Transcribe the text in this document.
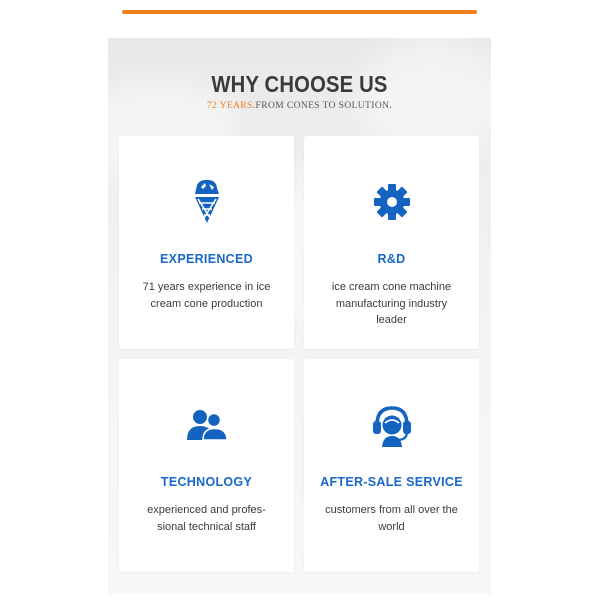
WHY CHOOSE US
72 YEARS.FROM CONES TO SOLUTION.
EXPERIENCED
71 years experience in ice cream cone production
R&D
ice cream cone machine manufacturing industry leader
TECHNOLOGY
experienced and profes-sional technical staff
AFTER-SALE SERVICE
customers from all over the world
